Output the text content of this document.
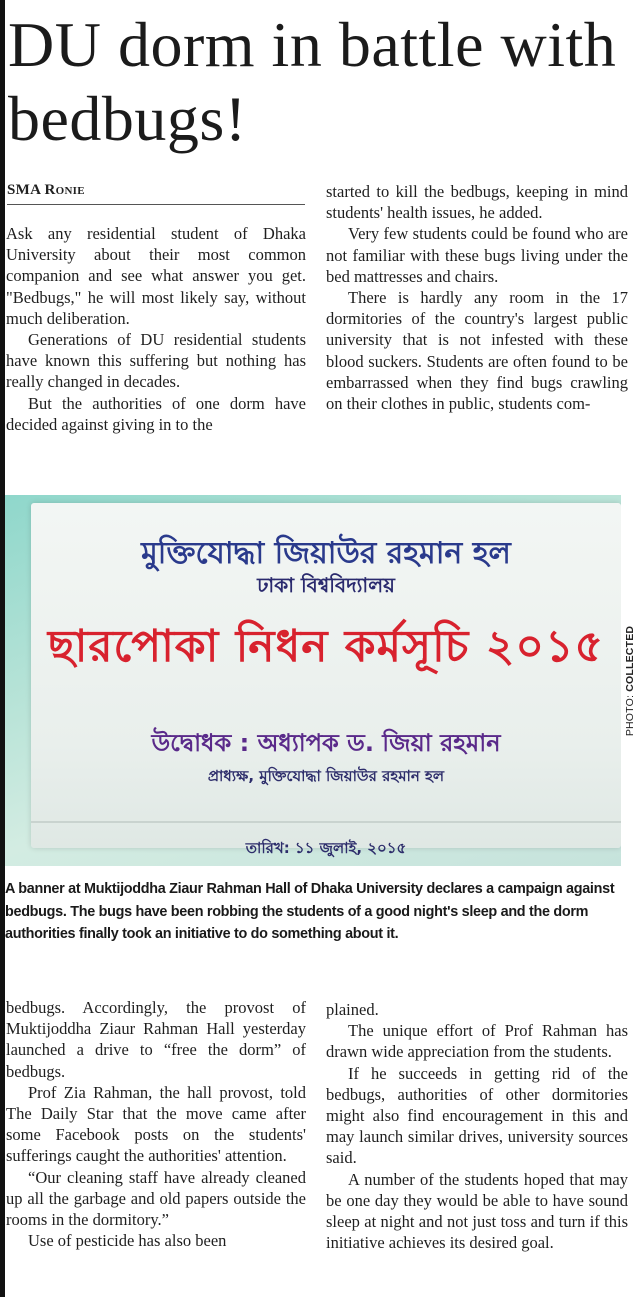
DU dorm in battle with bedbugs!
SMA Ronie

Ask any residential student of Dhaka University about their most common companion and see what answer you get. "Bedbugs," he will most likely say, without much deliberation.

Generations of DU residential students have known this suffering but nothing has really changed in decades.

But the authorities of one dorm have decided against giving in to the

started to kill the bedbugs, keeping in mind students' health issues, he added.

Very few students could be found who are not familiar with these bugs living under the bed mattresses and chairs.

There is hardly any room in the 17 dormitories of the country's largest public university that is not infested with these blood suckers. Students are often found to be embarrassed when they find bugs crawling on their clothes in public, students com-

মুক্তিযোদ্ধা জিয়াউর রহমান হল
ঢাকা বিশ্ববিদ্যালয়
ছারপোকা নিধন কর্মসূচি ২০১৫
উদ্বোধক : অধ্যাপক ড. জিয়া রহমান
প্রাধ্যক্ষ, মুক্তিযোদ্ধা জিয়াউর রহমান হল
তারিখ: ১১ জুলাই, ২০১৫
PHOTO: COLLECTED
A banner at Muktijoddha Ziaur Rahman Hall of Dhaka University declares a campaign against bedbugs. The bugs have been robbing the students of a good night's sleep and the dorm authorities finally took an initiative to do something about it.

bedbugs. Accordingly, the provost of Muktijoddha Ziaur Rahman Hall yesterday launched a drive to “free the dorm” of bedbugs.

Prof Zia Rahman, the hall provost, told The Daily Star that the move came after some Facebook posts on the students' sufferings caught the authorities' attention.

“Our cleaning staff have already cleaned up all the garbage and old papers outside the rooms in the dormitory.”

Use of pesticide has also been

plained.

The unique effort of Prof Rahman has drawn wide appreciation from the students.

If he succeeds in getting rid of the bedbugs, authorities of other dormitories might also find encouragement in this and may launch similar drives, university sources said.

A number of the students hoped that may be one day they would be able to have sound sleep at night and not just toss and turn if this initiative achieves its desired goal.
